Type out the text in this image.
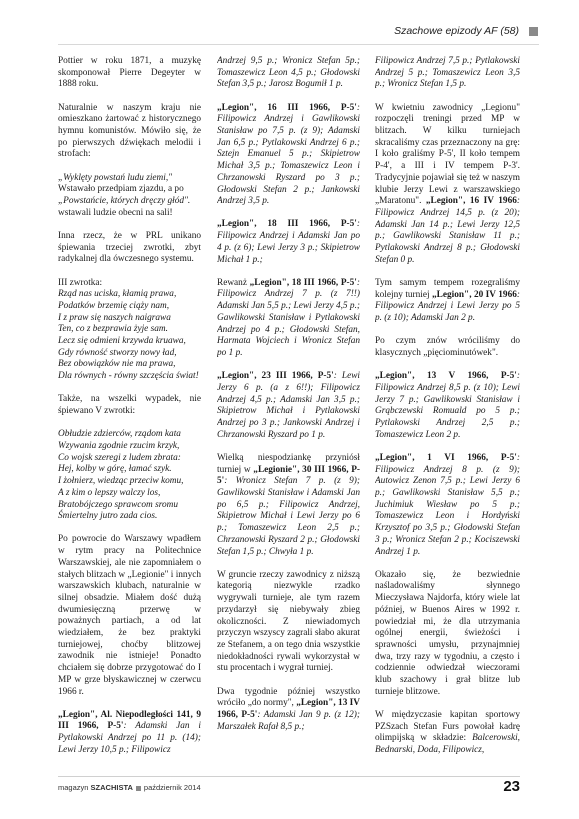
Szachowe epizody AF (58)

Pottier w roku 1871, a muzykę skomponował Pierre Degeyter w 1888 roku.

Naturalnie w naszym kraju nie omieszkano żartować z historycznego hymnu komunistów. Mówiło się, że po pierwszych dźwiękach melodii i strofach:

„Wyklęty powstań ludu ziemi,"
Wstawało przedpiam zjazdu, a po
„Powstańcie, których dręczy głód".
wstawali ludzie obecni na sali!

Inna rzecz, że w PRL unikano śpiewania trzeciej zwrotki, zbyt radykalnej dla ówczesnego systemu.

III zwrotka:
Rząd nas uciska, kłamią prawa,
Podatków brzemię ciąży nam,
I z praw się naszych naigrawa
Ten, co z bezprawia żyje sam.
Lecz się odmieni krzywda kruawa,
Gdy równość stworzy nowy ład,
Bez obowiązków nie ma prawa,
Dla równych - równy szczęścia świat!

Także, na wszelki wypadek, nie śpiewano V zwrotki:

Obłudzie zdzierców, rządom kata
Wzywania zgodnie rzucim krzyk,
Co wojsk szeregi z ludem zbrata:
Hej, kolby w górę, łamać szyk.
I żołnierz, wiedząc przeciw komu,
A z kim o lepszy walczy los,
Bratobójczego sprawcom sromu
Śmiertelny jutro zada cios.

Po powrocie do Warszawy wpadłem w rytm pracy na Politechnice Warszawskiej, ale nie zapomniałem o stałych blitzach w „Legionie" i innych warszawskich klubach, naturalnie w silnej obsadzie. Miałem dość dużą dwumiesięczną przerwę w poważnych partiach, a od lat wiedziałem, że bez praktyki turniejowej, choćby blitzowej zawodnik nie istnieje! Ponadto chciałem się dobrze przygotować do I MP w grze błyskawicznej w czerwcu 1966 r.

„Legion", Al. Niepodległości 141, 9 III 1966, P-5': Adamski Jan i Pytlakowski Andrzej po 11 p. (14); Lewi Jerzy 10,5 p.; Filipowicz

Andrzej 9,5 p.; Wronicz Stefan 5p.; Tomaszewicz Leon 4,5 p.; Głodowski Stefan 3,5 p.; Jarosz Bogumił 1 p.

„Legion", 16 III 1966, P-5': Filipowicz Andrzej i Gawlikowski Stanisław po 7,5 p. (z 9); Adamski Jan 6,5 p.; Pytlakowski Andrzej 6 p.; Sztejn Emanuel 5 p.; Skipietrow Michał 3,5 p.; Tomaszewicz Leon i Chrzanowski Ryszard po 3 p.; Głodowski Stefan 2 p.; Jankowski Andrzej 3,5 p.

„Legion", 18 III 1966, P-5': Filipowicz Andrzej i Adamski Jan po 4 p. (z 6); Lewi Jerzy 3 p.; Skipietrow Michał 1 p.;

Rewanż „Legion", 18 III 1966, P-5': Filipowicz Andrzej 7 p. (z 7!!) Adamski Jan 5,5 p.; Lewi Jerzy 4,5 p.; Gawlikowski Stanisław i Pytlakowski Andrzej po 4 p.; Głodowski Stefan, Harmata Wojciech i Wronicz Stefan po 1 p.

„Legion", 23 III 1966, P-5': Lewi Jerzy 6 p. (a z 6!!); Filipowicz Andrzej 4,5 p.; Adamski Jan 3,5 p.; Skipietrow Michał i Pytlakowski Andrzej po 3 p.; Jankowski Andrzej i Chrzanowski Ryszard po 1 p.

Wielką niespodziankę przyniósł turniej w „Legionie", 30 III 1966, P-5': Wronicz Stefan 7 p. (z 9); Gawlikowski Stanisław i Adamski Jan po 6,5 p.; Filipowicz Andrzej, Skipietrow Michał i Lewi Jerzy po 6 p.; Tomaszewicz Leon 2,5 p.; Chrzanowski Ryszard 2 p.; Głodowski Stefan 1,5 p.; Chwyła 1 p.

W gruncie rzeczy zawodnicy z niższą kategorią niezwykle rzadko wygrywali turnieje, ale tym razem przydarzył się niebywały zbieg okoliczności. Z niewiadomych przyczyn wszyscy zagrali słabo akurat ze Stefanem, a on tego dnia wszystkie niedokładności rywali wykorzystał w stu procentach i wygrał turniej.

Dwa tygodnie później wszystko wróciło „do normy", „Legion", 13 IV 1966, P-5': Adamski Jan 9 p. (z 12); Marszałek Rafał 8,5 p.;

Filipowicz Andrzej 7,5 p.; Pytlakowski Andrzej 5 p.; Tomaszewicz Leon 3,5 p.; Wronicz Stefan 1,5 p.

W kwietniu zawodnicy „Legionu" rozpoczęli treningi przed MP w blitzach. W kilku turniejach skracaliśmy czas przeznaczony na grę: I koło graliśmy P-5', II koło tempem P-4', a III i IV tempem P-3'. Tradycyjnie pojawiał się też w naszym klubie Jerzy Lewi z warszawskiego „Maratonu". „Legion", 16 IV 1966: Filipowicz Andrzej 14,5 p. (z 20); Adamski Jan 14 p.; Lewi Jerzy 12,5 p.; Gawlikowski Stanisław 11 p.; Pytlakowski Andrzej 8 p.; Głodowski Stefan 0 p.

Tym samym tempem rozegraliśmy kolejny turniej „Legion", 20 IV 1966: Filipowicz Andrzej i Lewi Jerzy po 5 p. (z 10); Adamski Jan 2 p.

Po czym znów wróciliśmy do klasycznych „pięciominutówek".

„Legion", 13 V 1966, P-5': Filipowicz Andrzej 8,5 p. (z 10); Lewi Jerzy 7 p.; Gawlikowski Stanisław i Grąbczewski Romuald po 5 p.; Pytlakowski Andrzej 2,5 p.; Tomaszewicz Leon 2 p.

„Legion", 1 VI 1966, P-5': Filipowicz Andrzej 8 p. (z 9); Autowicz Zenon 7,5 p.; Lewi Jerzy 6 p.; Gawlikowski Stanisław 5,5 p.; Juchimiuk Wiesław po 5 p.; Tomaszewicz Leon i Hordyński Krzysztof po 3,5 p.; Głodowski Stefan 3 p.; Wronicz Stefan 2 p.; Kociszewski Andrzej 1 p.

Okazało się, że bezwiednie naśladowaliśmy słynnego Mieczysława Najdorfa, który wiele lat później, w Buenos Aires w 1992 r. powiedział mi, że dla utrzymania ogólnej energii, świeżości i sprawności umysłu, przynajmniej dwa, trzy razy w tygodniu, a często i codziennie odwiedzał wieczorami klub szachowy i grał blitze lub turnieje blitzowe.

W międzyczasie kapitan sportowy PZSzach Stefan Furs powołał kadrę olimpijską w składzie: Balcerowski, Bednarski, Doda, Filipowicz,

magazyn SZACHISTA październik 2014	23
